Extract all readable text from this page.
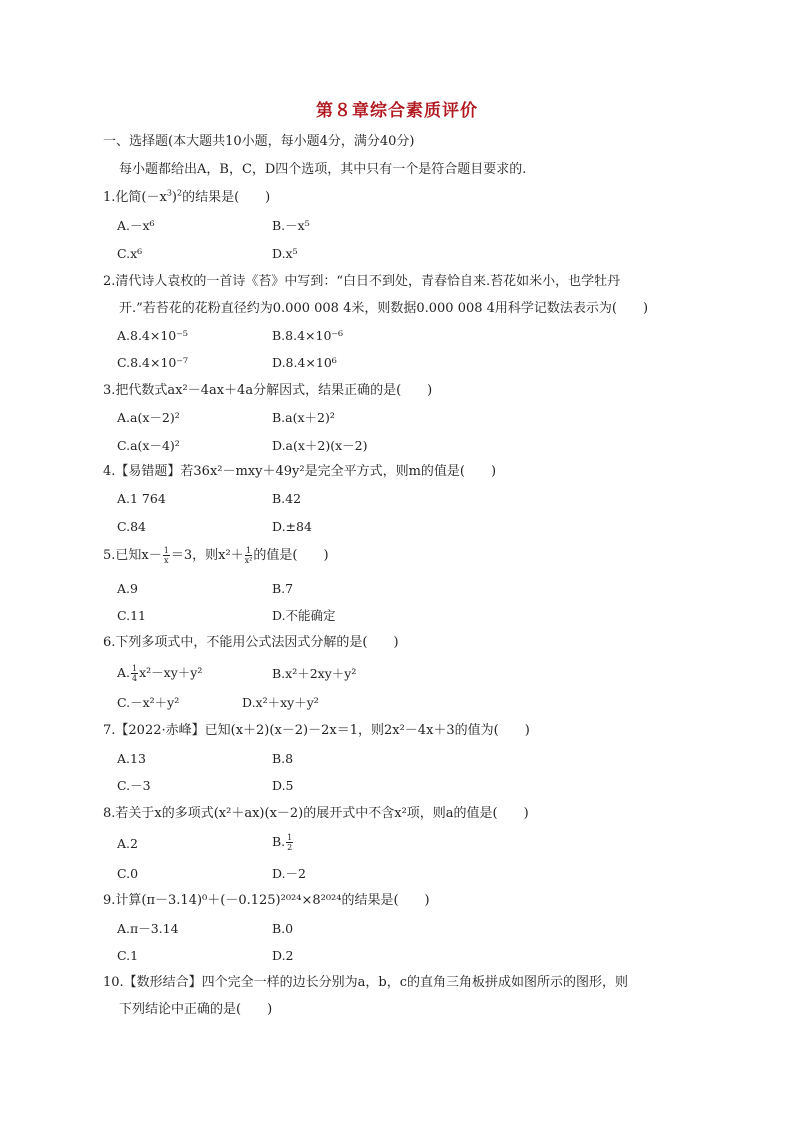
第８章综合素质评价
一、选择题(本大题共10小题，每小题4分，满分40分)
每小题都给出A，B，C，D四个选项，其中只有一个是符合题目要求的.
1.化简$(-x^3)^2$的结果是(　　)
A.－x⁶	B.－x⁵
C.x⁶	D.x⁵
2.清代诗人袁枚的一首诗《苔》中写到：“白日不到处，青春恰自来.苔花如米小，也学牡丹
开.”若苔花的花粉直径约为0.000 008 4米，则数据0.000 008 4用科学记数法表示为(　　)
A.8.4×10⁻⁵	B.8.4×10⁻⁶
C.8.4×10⁻⁷	D.8.4×10⁶
3.把代数式ax²－4ax＋4a分解因式，结果正确的是(　　)
A.a(x－2)²	B.a(x＋2)²
C.a(x－4)²	D.a(x＋2)(x－2)
4.【易错题】若36x²－mxy＋49y²是完全平方式，则m的值是(　　)
A.1 764	B.42
C.84	D.±84
5.已知$x- \frac{1}{x} =3$，则$x^2+ \frac{1}{\text{x²}}$ 的值是(　　)
A.9	B.7
C.11	D.不能确定
6.下列多项式中，不能用公式法因式分解的是(　　)
A. $\frac{1}{4} x^2-xy+y^2$	B.x²＋2xy＋y²
C.－x²＋y²	D.x²＋xy＋y²
7.【2022·赤峰】已知(x＋2)(x－2)－2x＝1，则2x²－4x＋3的值为(　　)
A.13	B.8
C.－3	D.5
8.若关于x的多项式(x²＋ax)(x－2)的展开式中不含x²项，则a的值是(　　)
A.2	B. $\frac{1}{2}$
C.0	D.－2
9.计算(π－3.14)⁰＋(－0.125)²⁰²⁴×8²⁰²⁴的结果是(　　)
A.π－3.14	B.0
C.1	D.2
10.【数形结合】四个完全一样的边长分别为a，b，c的直角三角板拼成如图所示的图形，则
下列结论中正确的是(　　)
